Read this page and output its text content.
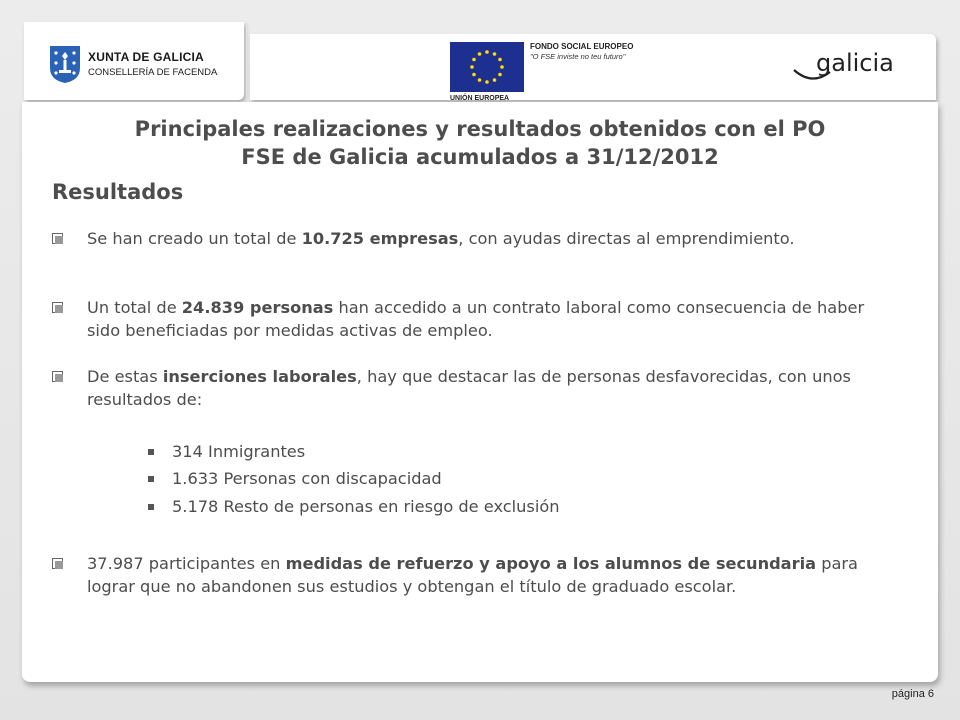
XUNTA DE GALICIA
CONSELLERÍA DE FACENDA
UNIÓN EUROPEA
FONDO SOCIAL EUROPEO
"O FSE inviste no teu futuro"	galicia
Principales realizaciones y resultados obtenidos con el PO
FSE de Galicia acumulados a 31/12/2012
Resultados
Se han creado un total de 10.725 empresas, con ayudas directas al emprendimiento.
Un total de 24.839 personas han accedido a un contrato laboral como consecuencia de haber sido beneficiadas por medidas activas de empleo.
De estas inserciones laborales, hay que destacar las de personas desfavorecidas, con unos resultados de:
314 Inmigrantes
1.633 Personas con discapacidad
5.178 Resto de personas en riesgo de exclusión
37.987 participantes en medidas de refuerzo y apoyo a los alumnos de secundaria para lograr que no abandonen sus estudios y obtengan el título de graduado escolar.
página 6
